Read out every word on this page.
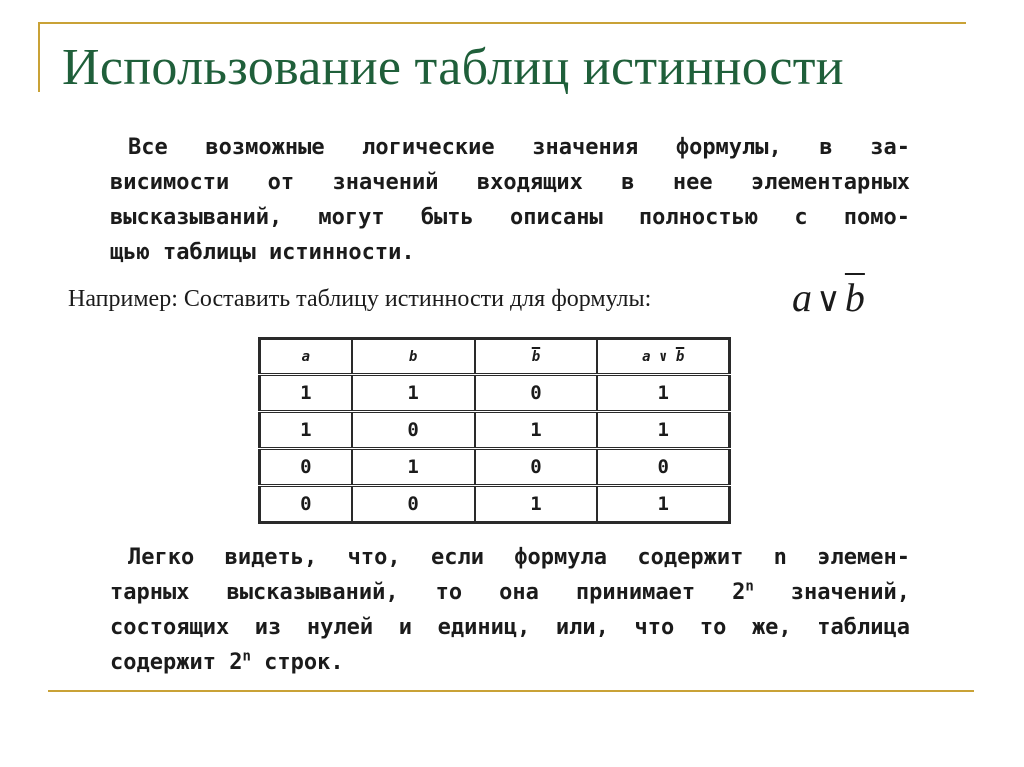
Использование таблиц истинности
Все возможные логические значения формулы, в за-
висимости от значений входящих в нее элементарных
высказываний, могут быть описаны полностью с помо-
щью таблицы истинности.

Например: Составить таблицу истинности для формулы:	a ∨ $\overline{b}$
a	b	$\overline{b}$	a ∨ $\overline{b}$
1	1	0	1
1	0	1	1
0	1	0	0
0	0	1	1
Легко видеть, что, если формула содержит n элемен-
тарных высказываний, то она принимает 2$^n$ значений,
состоящих из нулей и единиц, или, что то же, таблица
содержит 2$^n$ строк.
